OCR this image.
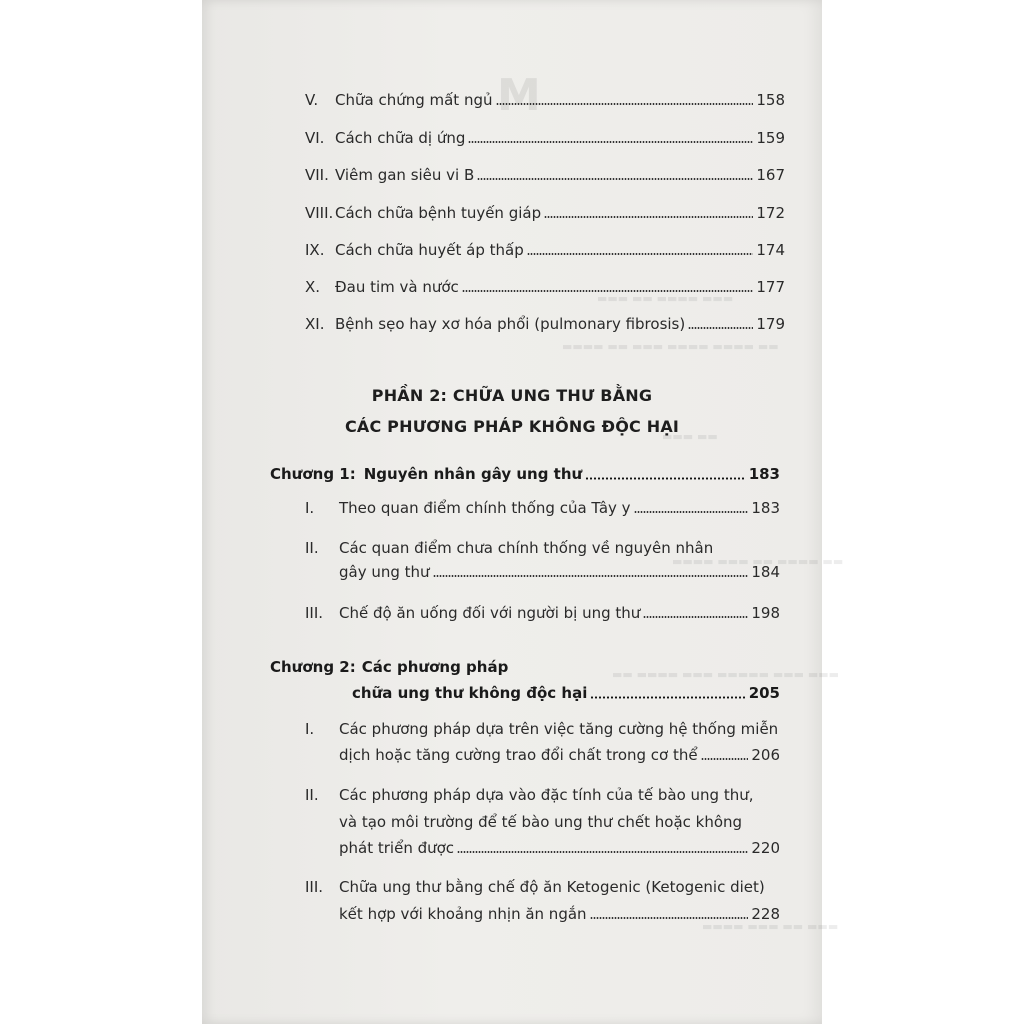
M
▬▬▬ ▬▬ ▬▬▬▬ ▬▬▬
▬▬▬▬ ▬▬ ▬▬▬ ▬▬▬▬ ▬▬▬▬ ▬▬
▬▬▬ ▬▬
▬▬▬▬ ▬▬▬ ▬▬ ▬▬▬▬ ▬▬
▬▬ ▬▬▬▬ ▬▬▬ ▬▬▬▬▬ ▬▬▬ ▬▬▬
▬▬▬▬ ▬▬▬ ▬▬ ▬▬▬
V.	Chữa chứng mất ngủ	158
VI. Cách chữa dị ứng	159
VII. Viêm gan siêu vi B	167
VIII. Cách chữa bệnh tuyến giáp	172
IX. Cách chữa huyết áp thấp	174
X. Đau tim và nước	177
XI. Bệnh sẹo hay xơ hóa phổi (pulmonary fibrosis)	179
PHẦN 2: CHỮA UNG THƯ BẰNG
CÁC PHƯƠNG PHÁP KHÔNG ĐỘC HẠI
Chương 1: Nguyên nhân gây ung thư	183
I.	Theo quan điểm chính thống của Tây y	183
II. Các quan điểm chưa chính thống về nguyên nhân
gây ung thư	184
III.	Chế độ ăn uống đối với người bị ung thư	198
Chương 2: Các phương pháp
chữa ung thư không độc hại	205
I. Các phương pháp dựa trên việc tăng cường hệ thống miễn
dịch hoặc tăng cường trao đổi chất trong cơ thể	206
II. Các phương pháp dựa vào đặc tính của tế bào ung thư,
và tạo môi trường để tế bào ung thư chết hoặc không
phát triển được	220
III. Chữa ung thư bằng chế độ ăn Ketogenic (Ketogenic diet)
kết hợp với khoảng nhịn ăn ngắn	228
